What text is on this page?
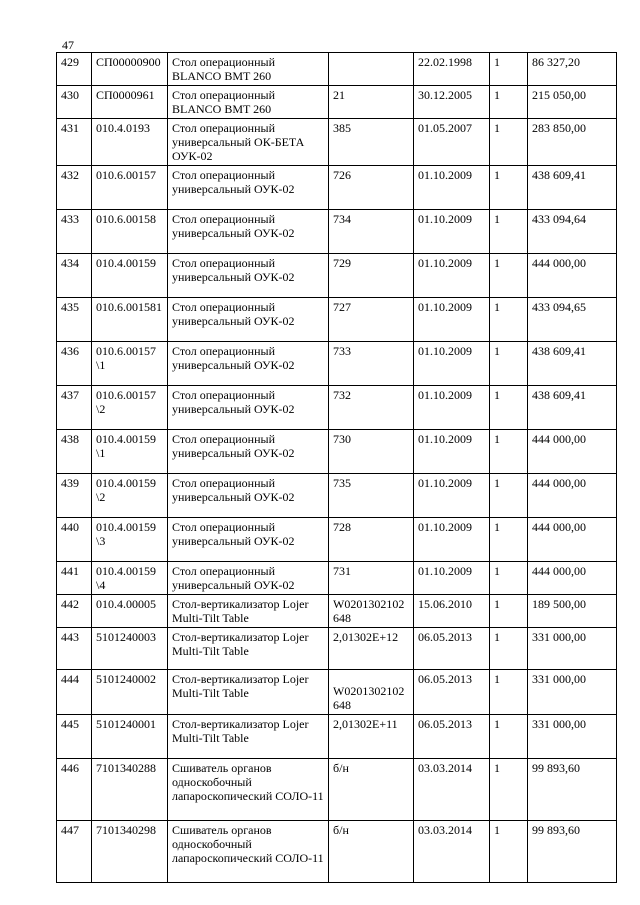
47
429	СП00000900	Стол операционный BLANCO BMT 260		22.02.1998	1	86 327,20
430	СП0000961	Стол операционный BLANCO BMT 260	21	30.12.2005	1	215 050,00
431	010.4.0193	Стол операционный универсальный ОК-БЕТА ОУК-02	385	01.05.2007	1	283 850,00
432	010.6.00157	Стол операционный универсальный ОУК-02	726	01.10.2009	1	438 609,41
433	010.6.00158	Стол операционный универсальный ОУК-02	734	01.10.2009	1	433 094,64
434	010.4.00159	Стол операционный универсальный ОУК-02	729	01.10.2009	1	444 000,00
435	010.6.001581	Стол операционный универсальный ОУК-02	727	01.10.2009	1	433 094,65
436	010.6.00157\1	Стол операционный универсальный ОУК-02	733	01.10.2009	1	438 609,41
437	010.6.00157\2	Стол операционный универсальный ОУК-02	732	01.10.2009	1	438 609,41
438	010.4.00159\1	Стол операционный универсальный ОУК-02	730	01.10.2009	1	444 000,00
439	010.4.00159\2	Стол операционный универсальный ОУК-02	735	01.10.2009	1	444 000,00
440	010.4.00159\3	Стол операционный универсальный ОУК-02	728	01.10.2009	1	444 000,00
441	010.4.00159\4	Стол операционный универсальный ОУК-02	731	01.10.2009	1	444 000,00
442	010.4.00005	Стол-вертикализатор Lojer Multi-Tilt Table	W0201302102648	15.06.2010	1	189 500,00
443	5101240003	Стол-вертикализатор Lojer Multi-Tilt Table	2,01302E+12	06.05.2013	1	331 000,00
444	5101240002	Стол-вертикализатор Lojer Multi-Tilt Table	W0201302102648	06.05.2013	1	331 000,00
445	5101240001	Стол-вертикализатор Lojer Multi-Tilt Table	2,01302E+11	06.05.2013	1	331 000,00
446	7101340288	Сшиватель органов односкобочный лапароскопический СОЛО-11	б/н	03.03.2014	1	99 893,60
447	7101340298	Сшиватель органов односкобочный лапароскопический СОЛО-11	б/н	03.03.2014	1	99 893,60
